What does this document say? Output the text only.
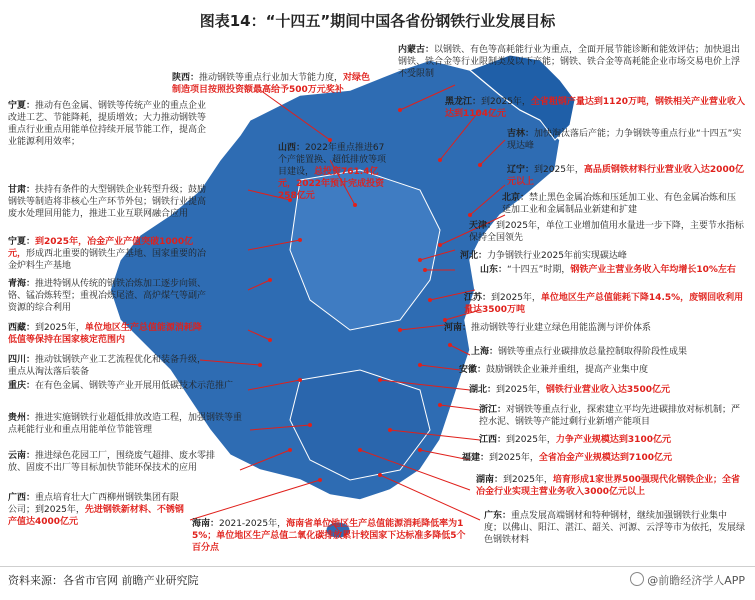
图表14：“十四五”期间中国各省份钢铁行业发展目标
内蒙古：以钢铁、有色等高耗能行业为重点，全面开展节能诊断和能效评估；加快退出钢铁、铁合金等行业限制类及以下产能；钢铁、铁合金等高耗能企业市场交易电价上浮不受限制
陕西：推动钢铁等重点行业加大节能力度，对绿色制造项目按照投资额最高给予500万元奖补
黑龙江：到2025年，全省粗钢产量达到1120万吨，钢铁相关产业营业收入达到1104亿元
吉林：加快淘汰落后产能；力争钢铁等重点行业“十四五”实现达峰
山西：2022年重点推进67个产能置换、超低排放等项目建设，总投资761.4亿元，2022年预计完成投资258亿元
辽宁：到2025年，高品质钢铁材料行业营业收入达2000亿元以上
宁夏：推动有色金属、钢铁等传统产业的重点企业改进工艺、节能降耗，提质增效；大力推动钢铁等重点行业重点用能单位持续开展节能工作，提高企业能源利用效率；
北京：禁止黑色金属冶炼和压延加工业、有色金属冶炼和压延加工业和金属制品业新建和扩建
甘肃：扶持有条件的大型钢铁企业转型升级；鼓励钢铁等制造将非核心生产环节外包；钢铁行业提高废水处理回用能力，推进工业互联网融合应用
天津：到2025年，单位工业增加值用水量进一步下降，主要节水指标保持全国领先
宁夏：到2025年，冶金产业产值突破1000亿元，形成西北重要的钢铁生产基地、国家重要的冶金炉料生产基地
河北：力争钢铁行业2025年前实现碳达峰
青海：推进特钢从传统的钢铁冶炼加工逐步向锁、铬、锰冶炼转型；重视冶炼尾渣、高炉煤气等副产资源的综合利用
山东：“十四五”时期，钢铁产业主营业务收入年均增长10%左右
江苏：到2025年，单位地区生产总值能耗下降14.5%，废钢回收利用量达3500万吨
西藏：到2025年，单位地区生产总值能源消耗降低值等保持在国家核定范围内
河南：推动钢铁等行业建立绿色用能监测与评价体系
四川：推动钛钢铁产业工艺流程优化和装备升级，重点从淘汰落后装备
上海：钢铁等重点行业碳排放总量控制取得阶段性成果
重庆：在有色金属、钢铁等产业开展用低碳技术示范推广
安徽：鼓励钢铁企业兼并重组，提高产业集中度
湖北：到2025年，钢铁行业营业收入达3500亿元
贵州：推进实施钢铁行业超低排放改造工程，加强钢铁等重点耗能行业和重点用能单位节能管理
浙江：对钢铁等重点行业，探索建立平均先进碳排放对标机制；严控水泥、钢铁等产能过剩行业新增产能项目
江西：到2025年，力争产业规模达到3100亿元
云南：推进绿色花园工厂，围绕废气超排、废水零排放、固废不出厂等目标加快节能环保技术的应用
福建：到2025年，全省冶金产业规模达到7100亿元
湖南：到2025年，培育形成1家世界500强现代化钢铁企业；全省冶金行业实现主营业务收入3000亿元以上
广西：重点培育壮大广西柳州钢铁集团有限公司；到2025年，先进钢铁新材料、不锈钢产值达4000亿元
广东：重点发展高端钢材和特种钢材，继续加强钢铁行业集中度；以佛山、阳江、湛江、韶关、河源、云浮等市为依托，发展绿色钢铁材料
海南：2021-2025年，海南省单位地区生产总值能源消耗降低率为15%；单位地区生产总值二氧化碳排放累计较国家下达标准多降低5个百分点
资料来源：各省市官网 前瞻产业研究院	@前瞻经济学人APP
